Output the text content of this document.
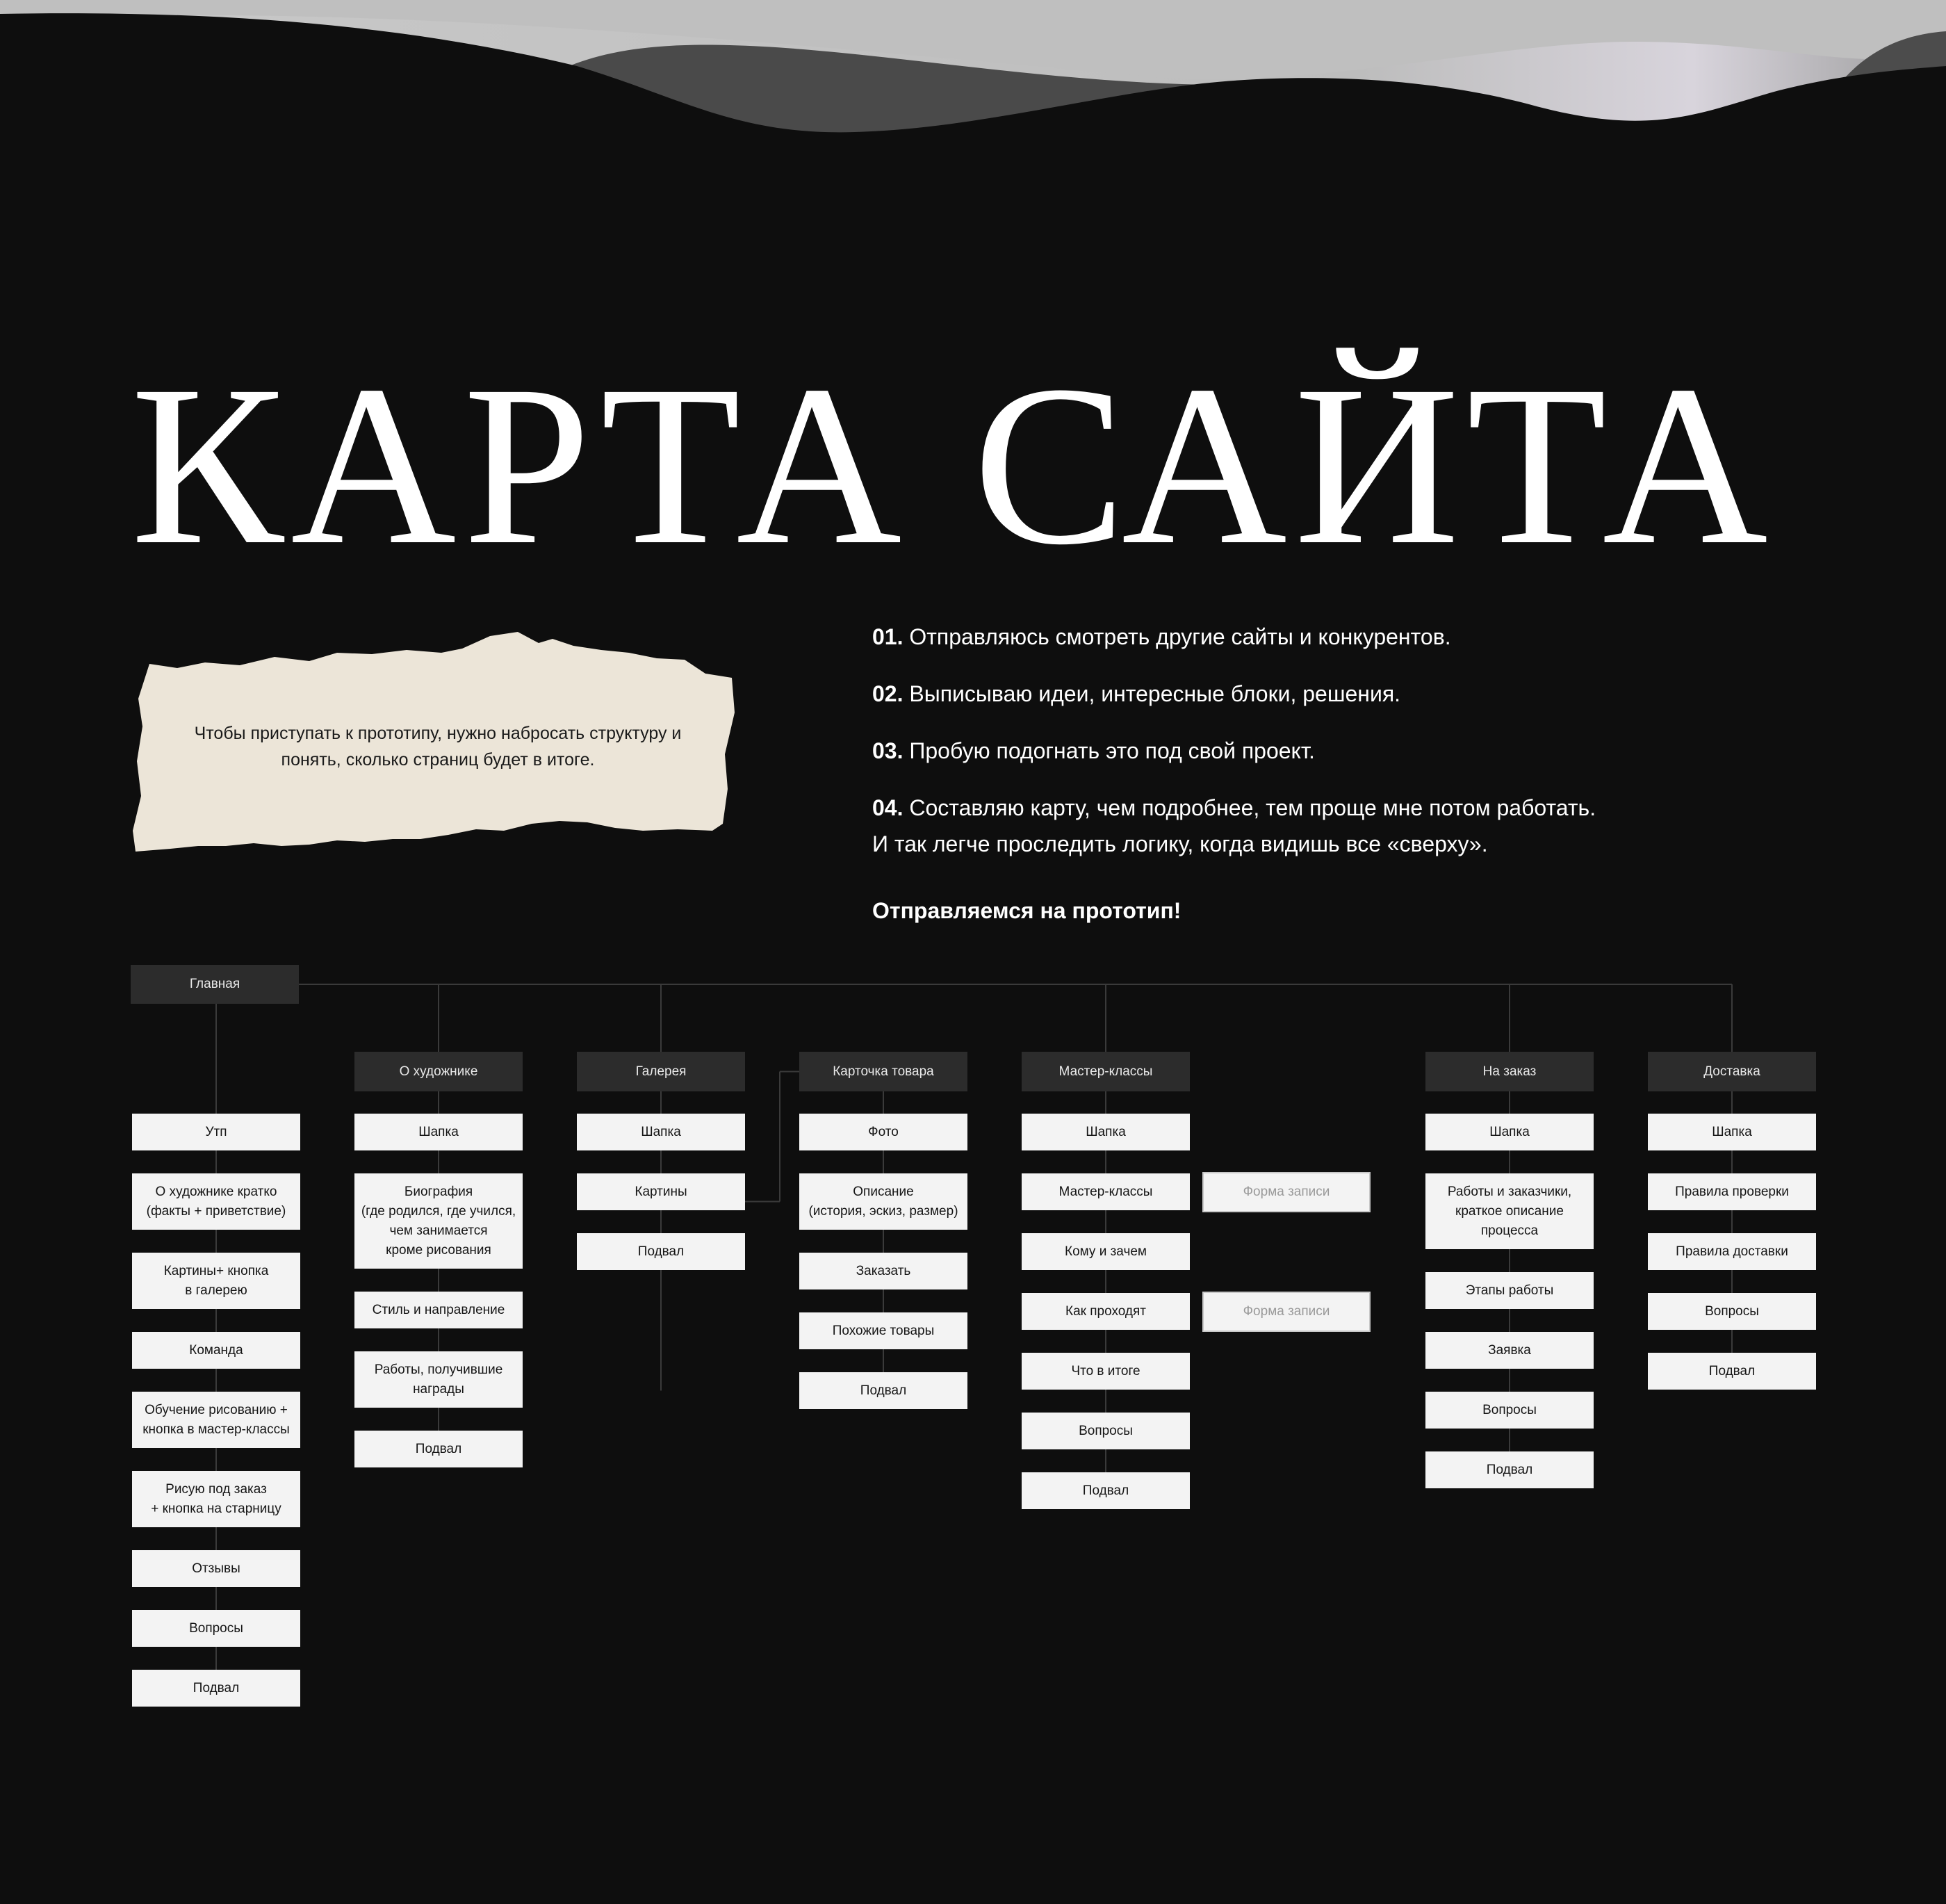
КАРТА САЙТА
Чтобы приступать к прототипу, нужно набросать структуру и понять, сколько страниц будет в итоге.
01. Отправляюсь смотреть другие сайты и конкурентов.
02. Выписываю идеи, интересные блоки, решения.
03. Пробую подогнать это под свой проект.
04. Составляю карту, чем подробнее, тем проще мне потом работать.
И так легче проследить логику, когда видишь все «сверху».
Отправляемся на прототип!
Главная
Утп
О художнике кратко
(факты + приветствие)
Картины+ кнопка
в галерею
Команда
Обучение рисованию +
кнопка в мастер-классы
Рисую под заказ
+ кнопка на старницу
Отзывы
Вопросы
Подвал
О художнике
Шапка
Биография
(где родился, где учился,
чем занимается
кроме рисования
Стиль и направление
Работы, получившие
награды
Подвал
Галерея
Шапка
Картины
Подвал
Карточка товара
Фото
Описание
(история, эскиз, размер)
Заказать
Похожие товары
Подвал
Мастер-классы
Шапка
Мастер-классы
Кому и зачем
Как проходят
Что в итоге
Вопросы
Подвал
Форма записи
Форма записи
На заказ
Шапка
Работы и заказчики,
краткое описание
процесса
Этапы работы
Заявка
Вопросы
Подвал
Доставка
Шапка
Правила проверки
Правила доставки
Вопросы
Подвал
